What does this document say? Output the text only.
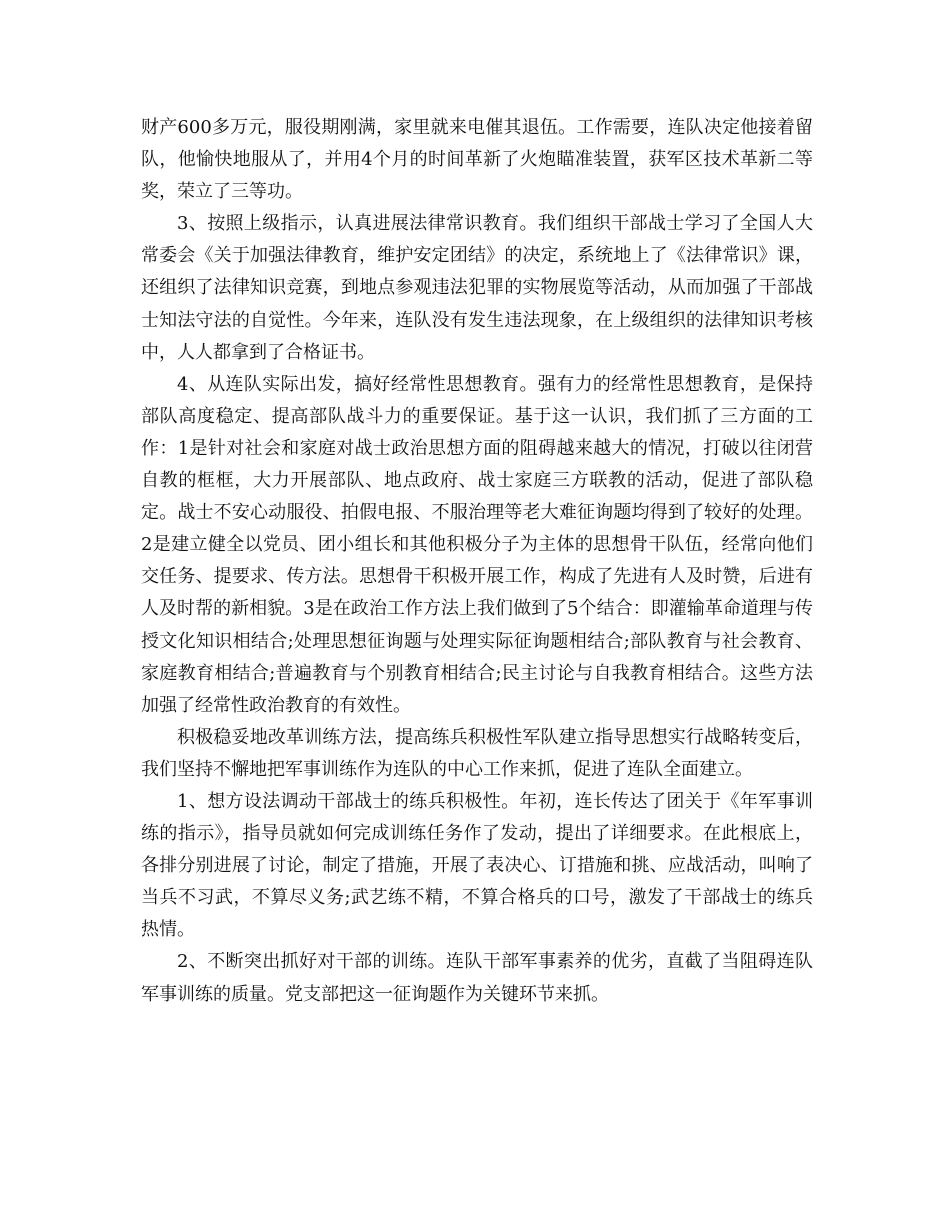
财产600多万元，服役期刚满，家里就来电催其退伍。工作需要，连队决定他接着留队，他愉快地服从了，并用4个月的时间革新了火炮瞄准装置，获军区技术革新二等奖，荣立了三等功。

3、按照上级指示，认真进展法律常识教育。我们组织干部战士学习了全国人大常委会《关于加强法律教育，维护安定团结》的决定，系统地上了《法律常识》课，还组织了法律知识竞赛，到地点参观违法犯罪的实物展览等活动，从而加强了干部战士知法守法的自觉性。今年来，连队没有发生违法现象，在上级组织的法律知识考核中，人人都拿到了合格证书。

4、从连队实际出发，搞好经常性思想教育。强有力的经常性思想教育，是保持部队高度稳定、提高部队战斗力的重要保证。基于这一认识，我们抓了三方面的工作：1是针对社会和家庭对战士政治思想方面的阻碍越来越大的情况，打破以往闭营自教的框框，大力开展部队、地点政府、战士家庭三方联教的活动，促进了部队稳定。战士不安心动服役、拍假电报、不服治理等老大难征询题均得到了较好的处理。2是建立健全以党员、团小组长和其他积极分子为主体的思想骨干队伍，经常向他们交任务、提要求、传方法。思想骨干积极开展工作，构成了先进有人及时赞，后进有人及时帮的新相貌。3是在政治工作方法上我们做到了5个结合：即灌输革命道理与传授文化知识相结合;处理思想征询题与处理实际征询题相结合;部队教育与社会教育、家庭教育相结合;普遍教育与个别教育相结合;民主讨论与自我教育相结合。这些方法加强了经常性政治教育的有效性。

积极稳妥地改革训练方法，提高练兵积极性军队建立指导思想实行战略转变后，我们坚持不懈地把军事训练作为连队的中心工作来抓，促进了连队全面建立。

1、想方设法调动干部战士的练兵积极性。年初，连长传达了团关于《年军事训练的指示》，指导员就如何完成训练任务作了发动，提出了详细要求。在此根底上，各排分别进展了讨论，制定了措施，开展了表决心、订措施和挑、应战活动，叫响了当兵不习武，不算尽义务;武艺练不精，不算合格兵的口号，激发了干部战士的练兵热情。

2、不断突出抓好对干部的训练。连队干部军事素养的优劣，直截了当阻碍连队军事训练的质量。党支部把这一征询题作为关键环节来抓。
